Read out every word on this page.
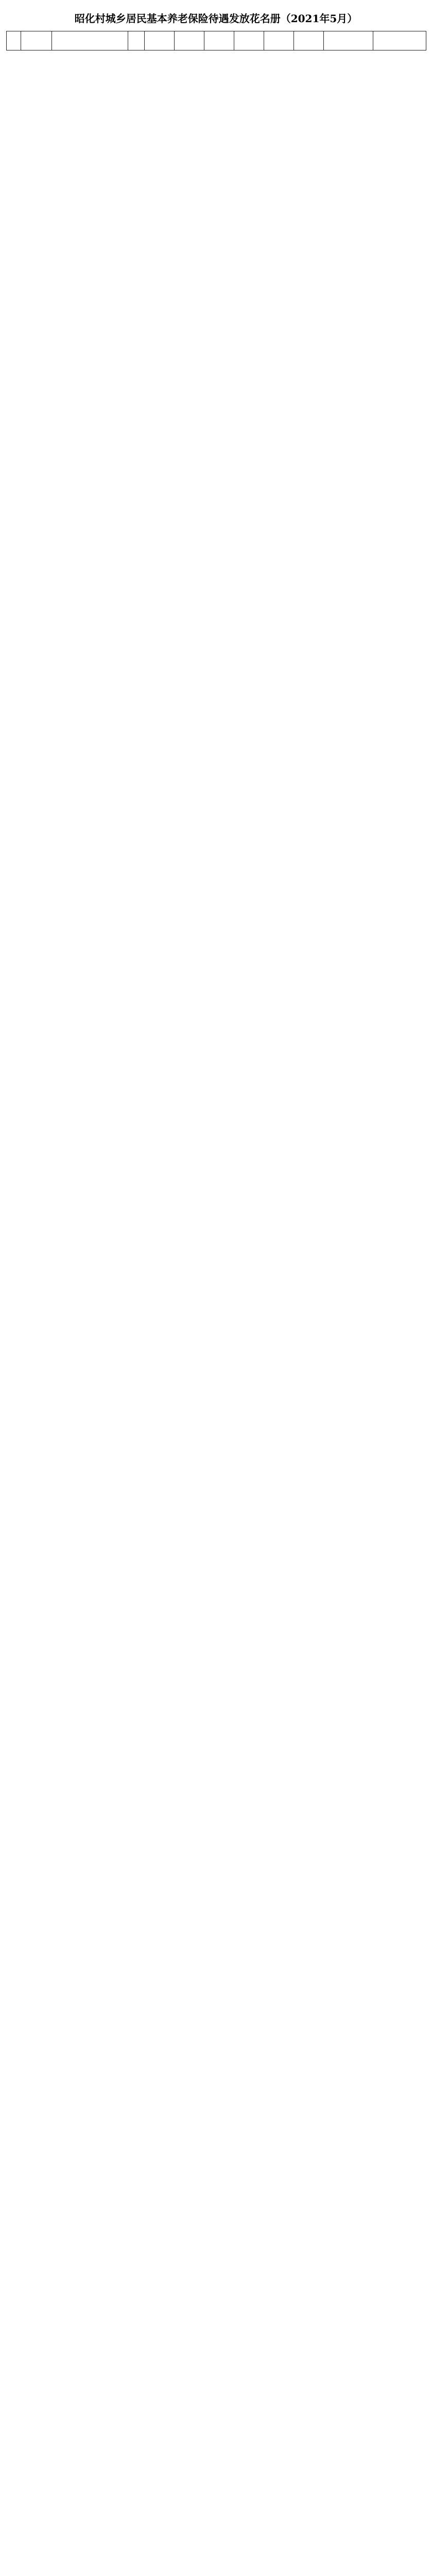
昭化村城乡居民基本养老保险待遇发放花名册（2021年5月）
